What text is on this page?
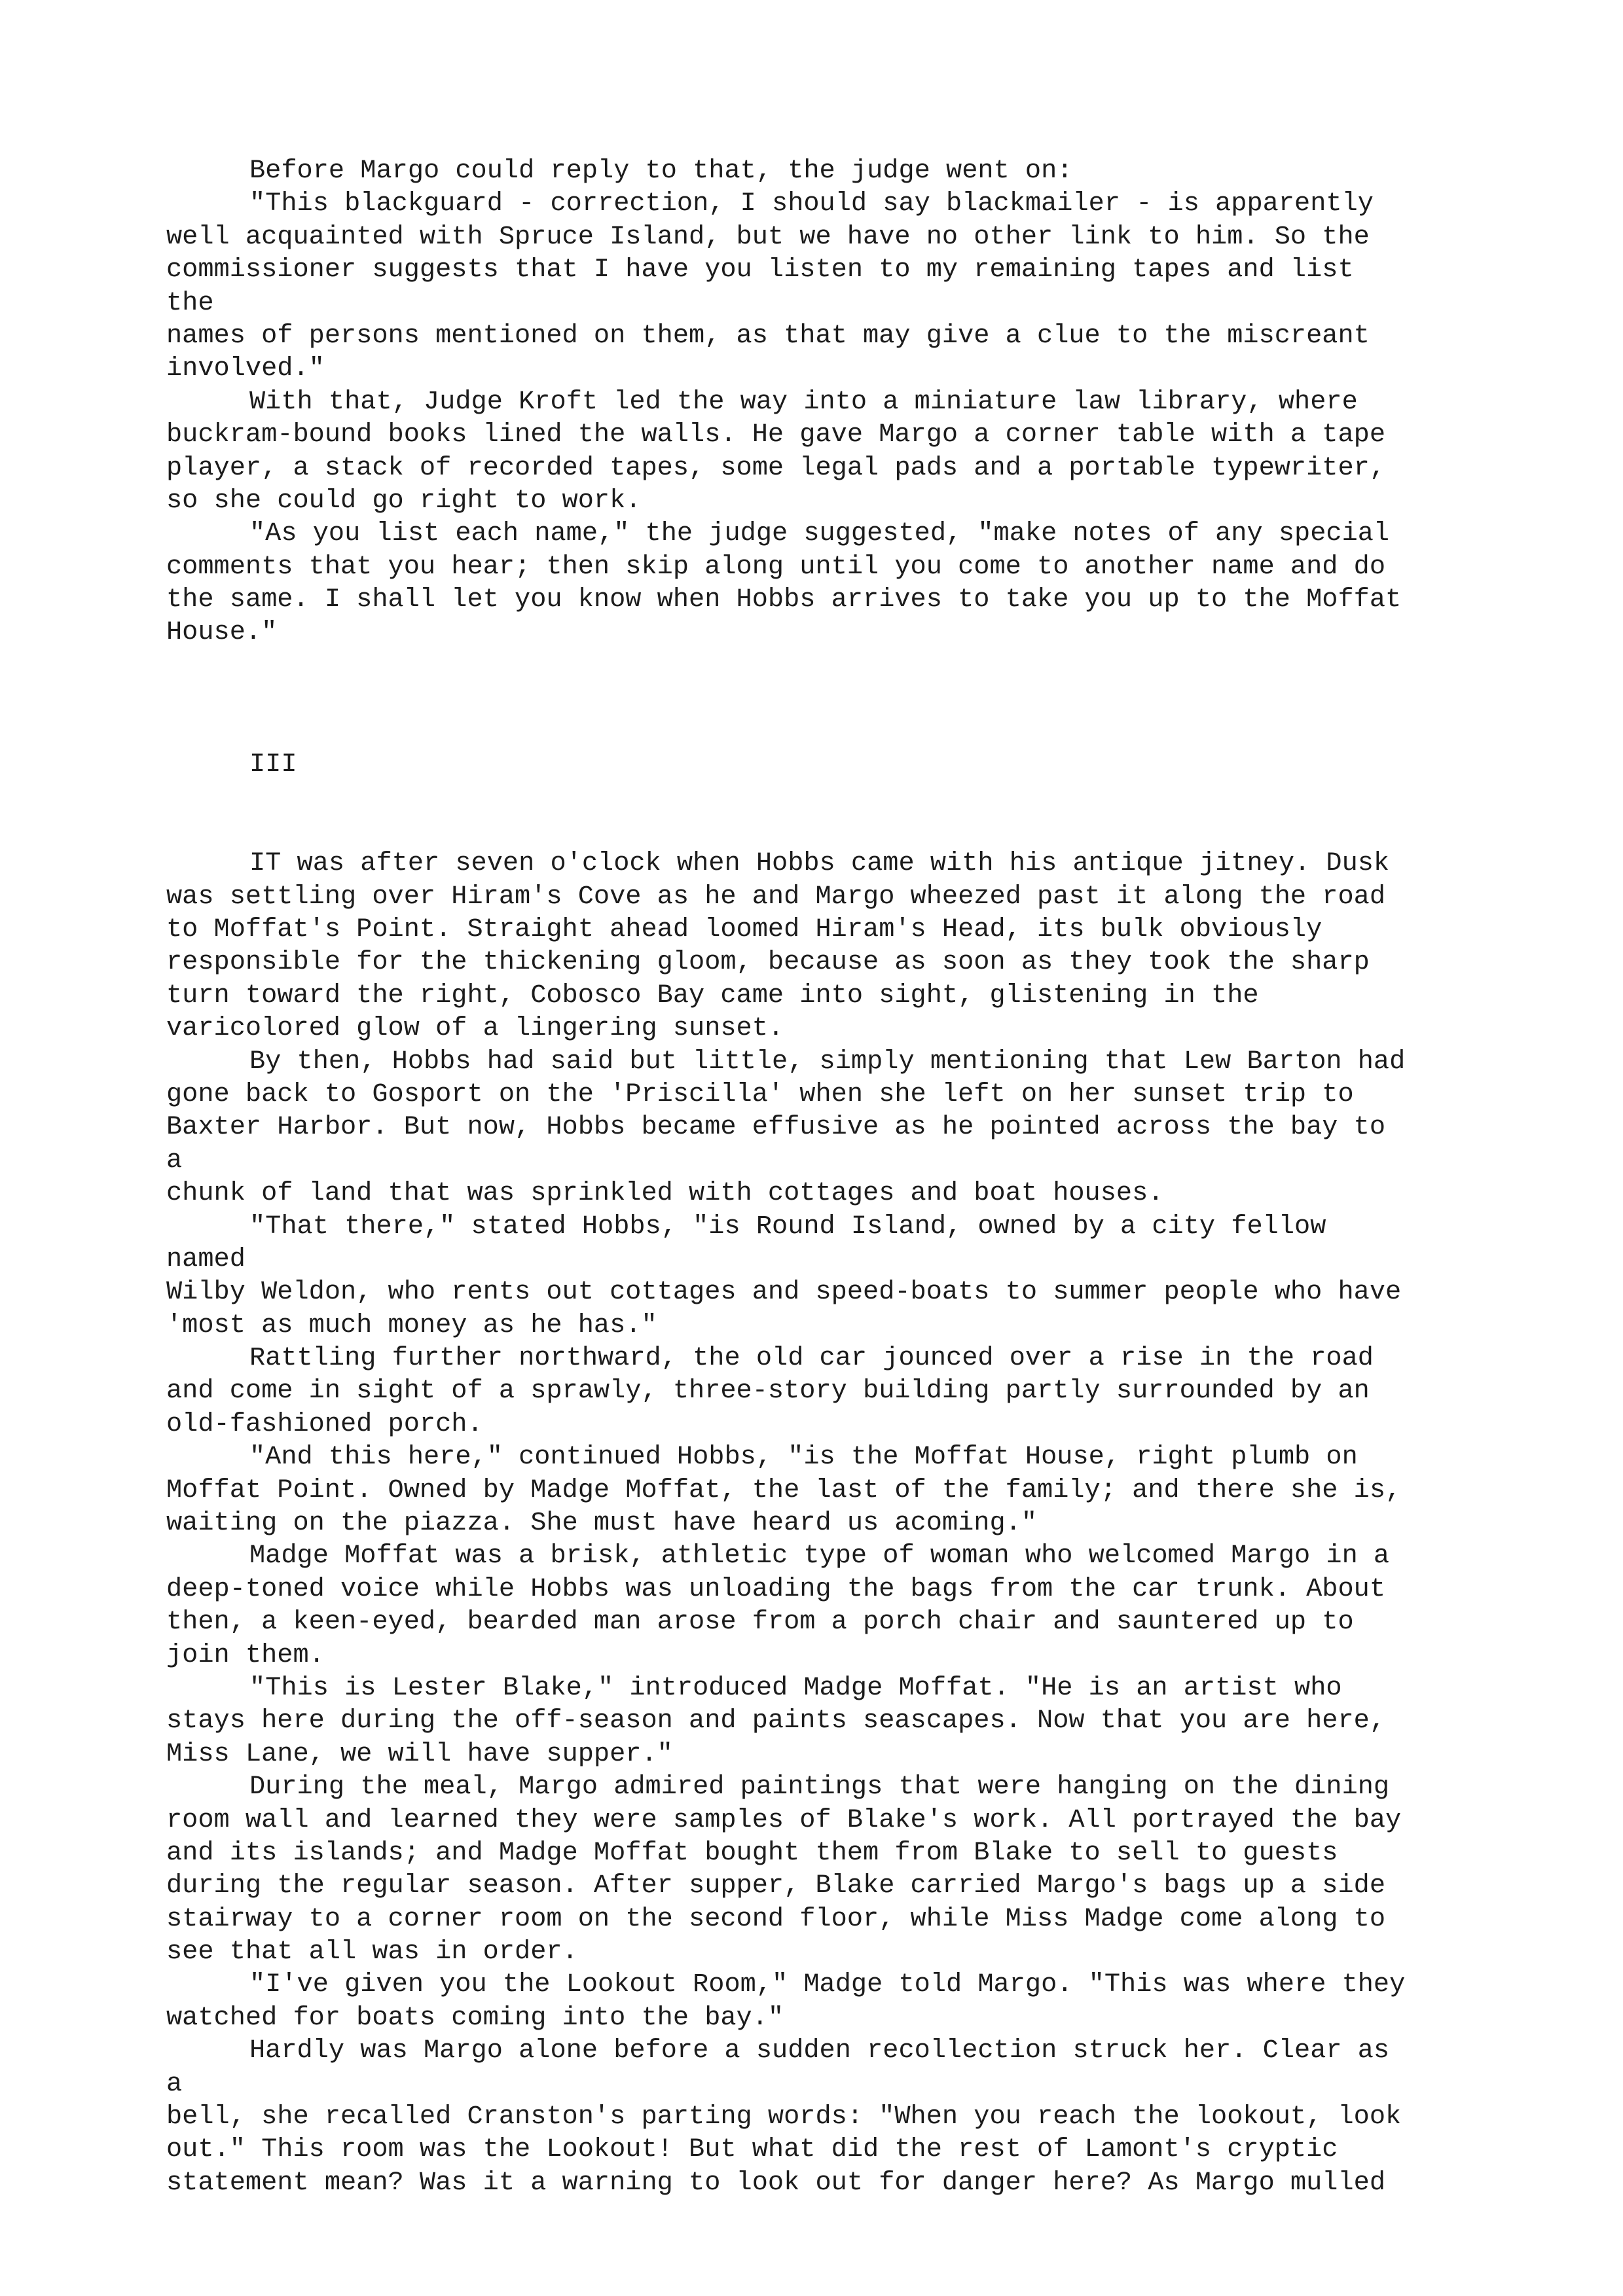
Before Margo could reply to that, the judge went on:
"This blackguard - correction, I should say blackmailer - is apparently
well acquainted with Spruce Island, but we have no other link to him. So the
commissioner suggests that I have you listen to my remaining tapes and list
the
names of persons mentioned on them, as that may give a clue to the miscreant
involved."
With that, Judge Kroft led the way into a miniature law library, where
buckram-bound books lined the walls. He gave Margo a corner table with a tape
player, a stack of recorded tapes, some legal pads and a portable typewriter,
so she could go right to work.
"As you list each name," the judge suggested, "make notes of any special
comments that you hear; then skip along until you come to another name and do
the same. I shall let you know when Hobbs arrives to take you up to the Moffat
House."
III
IT was after seven o'clock when Hobbs came with his antique jitney. Dusk
was settling over Hiram's Cove as he and Margo wheezed past it along the road
to Moffat's Point. Straight ahead loomed Hiram's Head, its bulk obviously
responsible for the thickening gloom, because as soon as they took the sharp
turn toward the right, Cobosco Bay came into sight, glistening in the
varicolored glow of a lingering sunset.
By then, Hobbs had said but little, simply mentioning that Lew Barton had
gone back to Gosport on the 'Priscilla' when she left on her sunset trip to
Baxter Harbor. But now, Hobbs became effusive as he pointed across the bay to
a
chunk of land that was sprinkled with cottages and boat houses.
"That there," stated Hobbs, "is Round Island, owned by a city fellow
named
Wilby Weldon, who rents out cottages and speed-boats to summer people who have
'most as much money as he has."
Rattling further northward, the old car jounced over a rise in the road
and come in sight of a sprawly, three-story building partly surrounded by an
old-fashioned porch.
"And this here," continued Hobbs, "is the Moffat House, right plumb on
Moffat Point. Owned by Madge Moffat, the last of the family; and there she is,
waiting on the piazza. She must have heard us acoming."
Madge Moffat was a brisk, athletic type of woman who welcomed Margo in a
deep-toned voice while Hobbs was unloading the bags from the car trunk. About
then, a keen-eyed, bearded man arose from a porch chair and sauntered up to
join them.
"This is Lester Blake," introduced Madge Moffat. "He is an artist who
stays here during the off-season and paints seascapes. Now that you are here,
Miss Lane, we will have supper."
During the meal, Margo admired paintings that were hanging on the dining
room wall and learned they were samples of Blake's work. All portrayed the bay
and its islands; and Madge Moffat bought them from Blake to sell to guests
during the regular season. After supper, Blake carried Margo's bags up a side
stairway to a corner room on the second floor, while Miss Madge come along to
see that all was in order.
"I've given you the Lookout Room," Madge told Margo. "This was where they
watched for boats coming into the bay."
Hardly was Margo alone before a sudden recollection struck her. Clear as
a
bell, she recalled Cranston's parting words: "When you reach the lookout, look
out." This room was the Lookout! But what did the rest of Lamont's cryptic
statement mean? Was it a warning to look out for danger here? As Margo mulled
